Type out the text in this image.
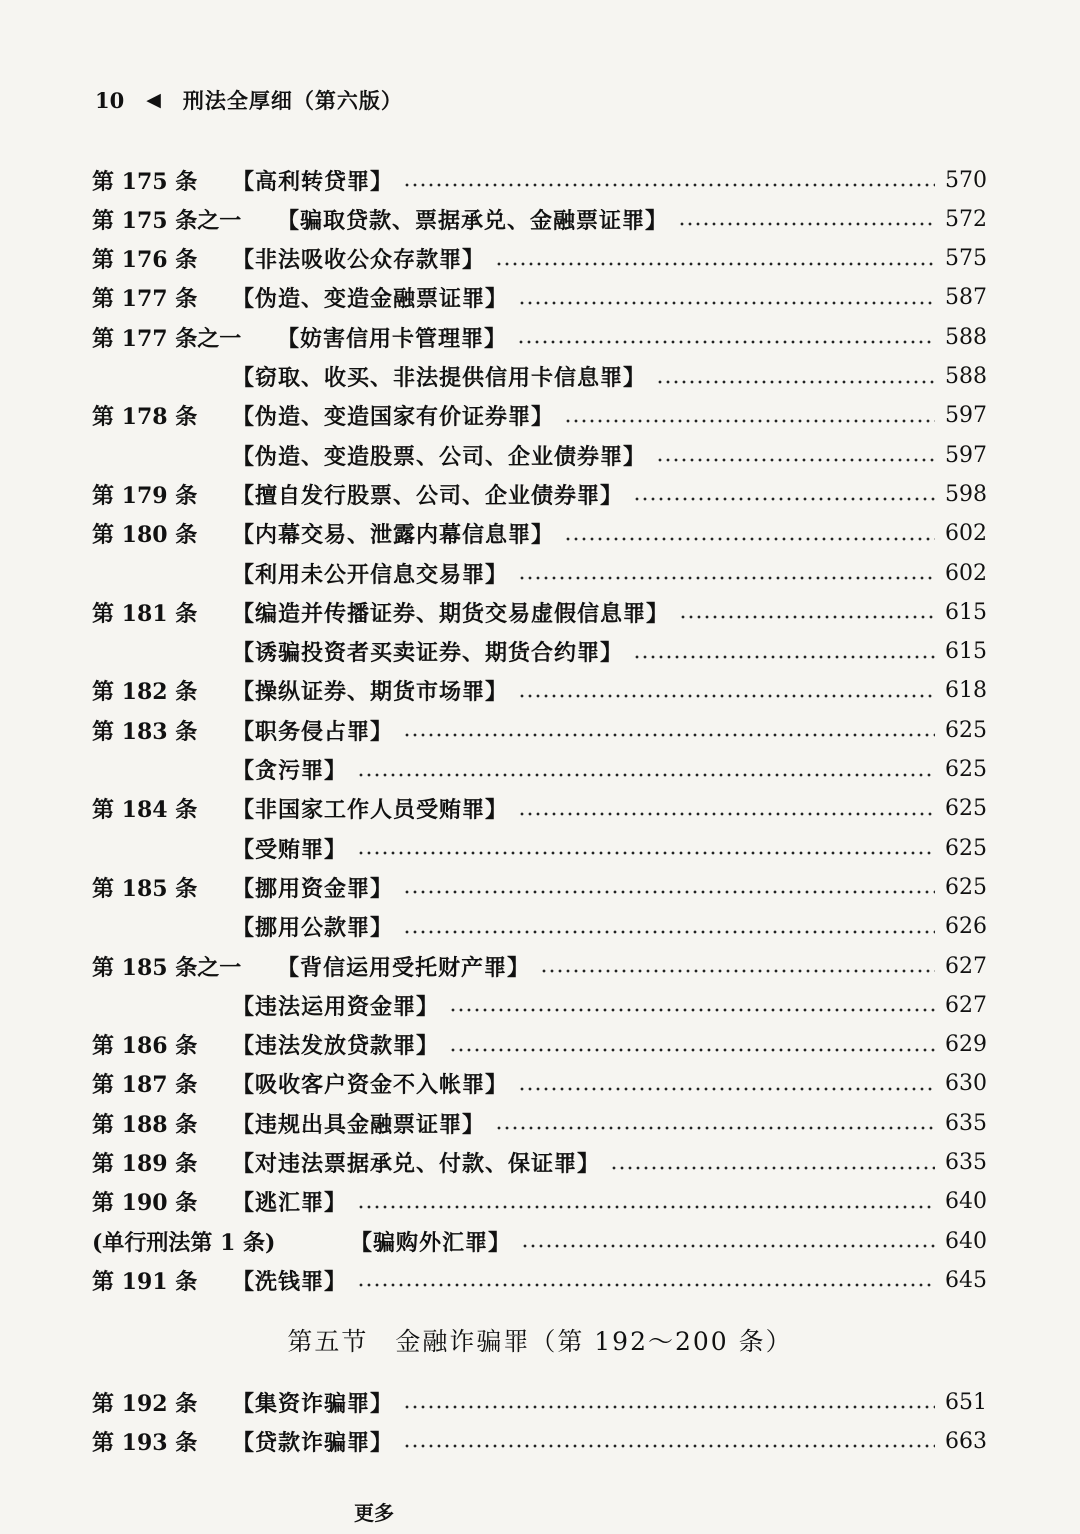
10 ◀ 刑法全厚细（第六版）
第 175 条	【高利转贷罪】	570
第 175 条之一	【骗取贷款、票据承兑、金融票证罪】	572
第 176 条	【非法吸收公众存款罪】	575
第 177 条	【伪造、变造金融票证罪】	587
第 177 条之一	【妨害信用卡管理罪】	588
【窃取、收买、非法提供信用卡信息罪】	588
第 178 条	【伪造、变造国家有价证券罪】	597
【伪造、变造股票、公司、企业债券罪】	597
第 179 条	【擅自发行股票、公司、企业债券罪】	598
第 180 条	【内幕交易、泄露内幕信息罪】	602
【利用未公开信息交易罪】	602
第 181 条	【编造并传播证券、期货交易虚假信息罪】	615
【诱骗投资者买卖证券、期货合约罪】	615
第 182 条	【操纵证券、期货市场罪】	618
第 183 条	【职务侵占罪】	625
【贪污罪】	625
第 184 条	【非国家工作人员受贿罪】	625
【受贿罪】	625
第 185 条	【挪用资金罪】	625
【挪用公款罪】	626
第 185 条之一	【背信运用受托财产罪】	627
【违法运用资金罪】	627
第 186 条	【违法发放贷款罪】	629
第 187 条	【吸收客户资金不入帐罪】	630
第 188 条	【违规出具金融票证罪】	635
第 189 条	【对违法票据承兑、付款、保证罪】	635
第 190 条	【逃汇罪】	640
(单行刑法第 1 条)	【骗购外汇罪】	640
第 191 条	【洗钱罪】	645
第五节　金融诈骗罪（第 192～200 条）
第 192 条	【集资诈骗罪】	651
第 193 条	【贷款诈骗罪】	663
更多
